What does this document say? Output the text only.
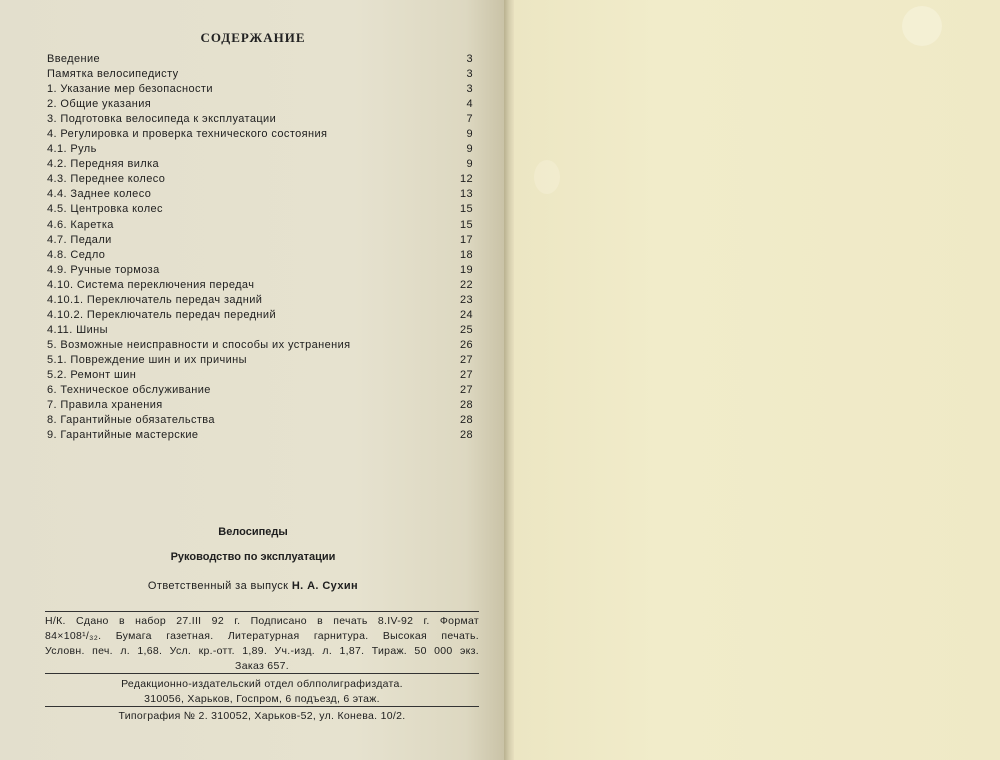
СОДЕРЖАНИЕ
Введение	3
Памятка велосипедисту	3
1. Указание мер безопасности	3
2. Общие указания	4
3. Подготовка велосипеда к эксплуатации	7
4. Регулировка и проверка технического состояния	9
4.1. Руль	9
4.2. Передняя вилка	9
4.3. Переднее колесо	12
4.4. Заднее колесо	13
4.5. Центровка колес	15
4.6. Каретка	15
4.7. Педали	17
4.8. Седло	18
4.9. Ручные тормоза	19
4.10. Система переключения передач	22
4.10.1. Переключатель передач задний	23
4.10.2. Переключатель передач передний	24
4.11. Шины	25
5. Возможные неисправности и способы их устранения	26
5.1. Повреждение шин и их причины	27
5.2. Ремонт шин	27
6. Техническое обслуживание	27
7. Правила хранения	28
8. Гарантийные обязательства	28
9. Гарантийные мастерские	28
Велосипеды
Руководство по эксплуатации
Ответственный за выпуск Н. А. Сухин
Н/К. Сдано в набор 27.III 92 г. Подписано в печать 8.IV-92 г. Формат
84×108¹/₃₂. Бумага газетная. Литературная гарнитура. Высокая печать.
Условн. печ. л. 1,68. Усл. кр.-отт. 1,89. Уч.-изд. л. 1,87. Тираж. 50 000 экз.
Заказ 657.
Редакционно-издательский отдел облполиграфиздата.
310056, Харьков, Госпром, 6 подъезд, 6 этаж.
Типография № 2. 310052, Харьков-52, ул. Конева. 10/2.
